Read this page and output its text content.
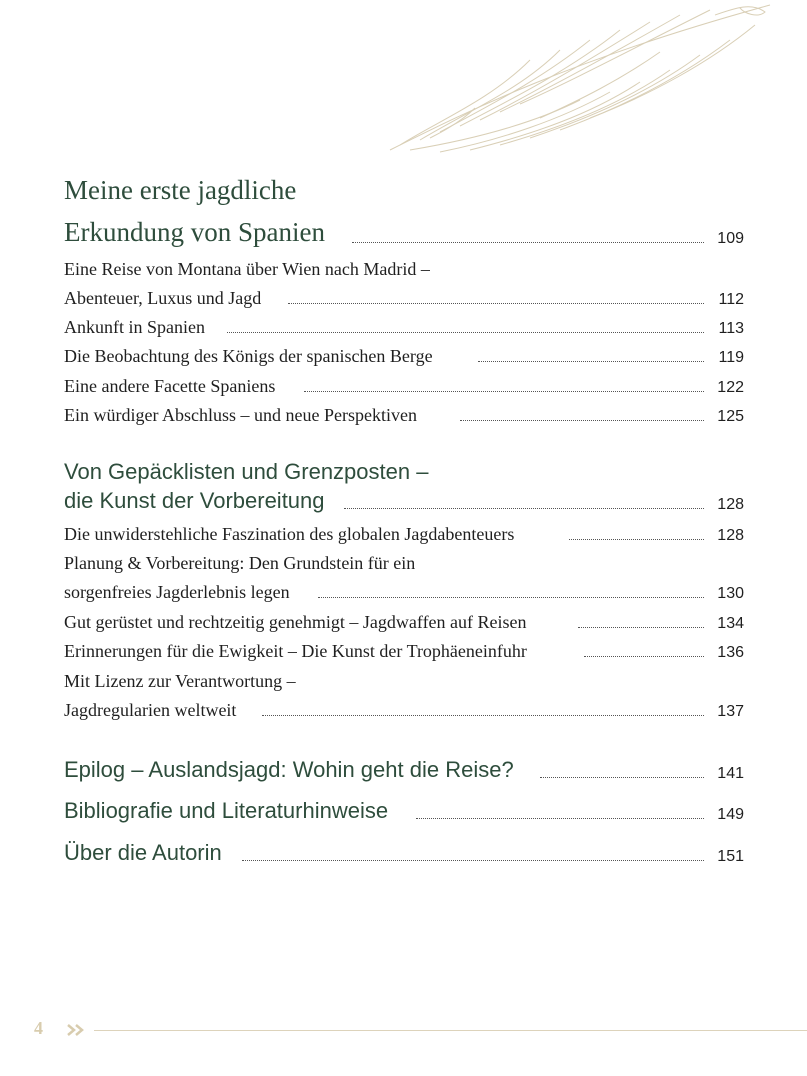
Meine erste jagdliche
Erkundung von Spanien	109
Eine Reise von Montana über Wien nach Madrid –
Abenteuer, Luxus und Jagd	112
Ankunft in Spanien	113
Die Beobachtung des Königs der spanischen Berge	119
Eine andere Facette Spaniens	122
Ein würdiger Abschluss – und neue Perspektiven	125
Von Gepäcklisten und Grenzposten –
die Kunst der Vorbereitung	128
Die unwiderstehliche Faszination des globalen Jagdabenteuers	128
Planung & Vorbereitung: Den Grundstein für ein
sorgenfreies Jagderlebnis legen	130
Gut gerüstet und rechtzeitig genehmigt – Jagdwaffen auf Reisen	134
Erinnerungen für die Ewigkeit – Die Kunst der Trophäeneinfuhr	136
Mit Lizenz zur Verantwortung –
Jagdregularien weltweit	137
Epilog – Auslandsjagd: Wohin geht die Reise?	141
Bibliografie und Literaturhinweise	149
Über die Autorin	151
4
